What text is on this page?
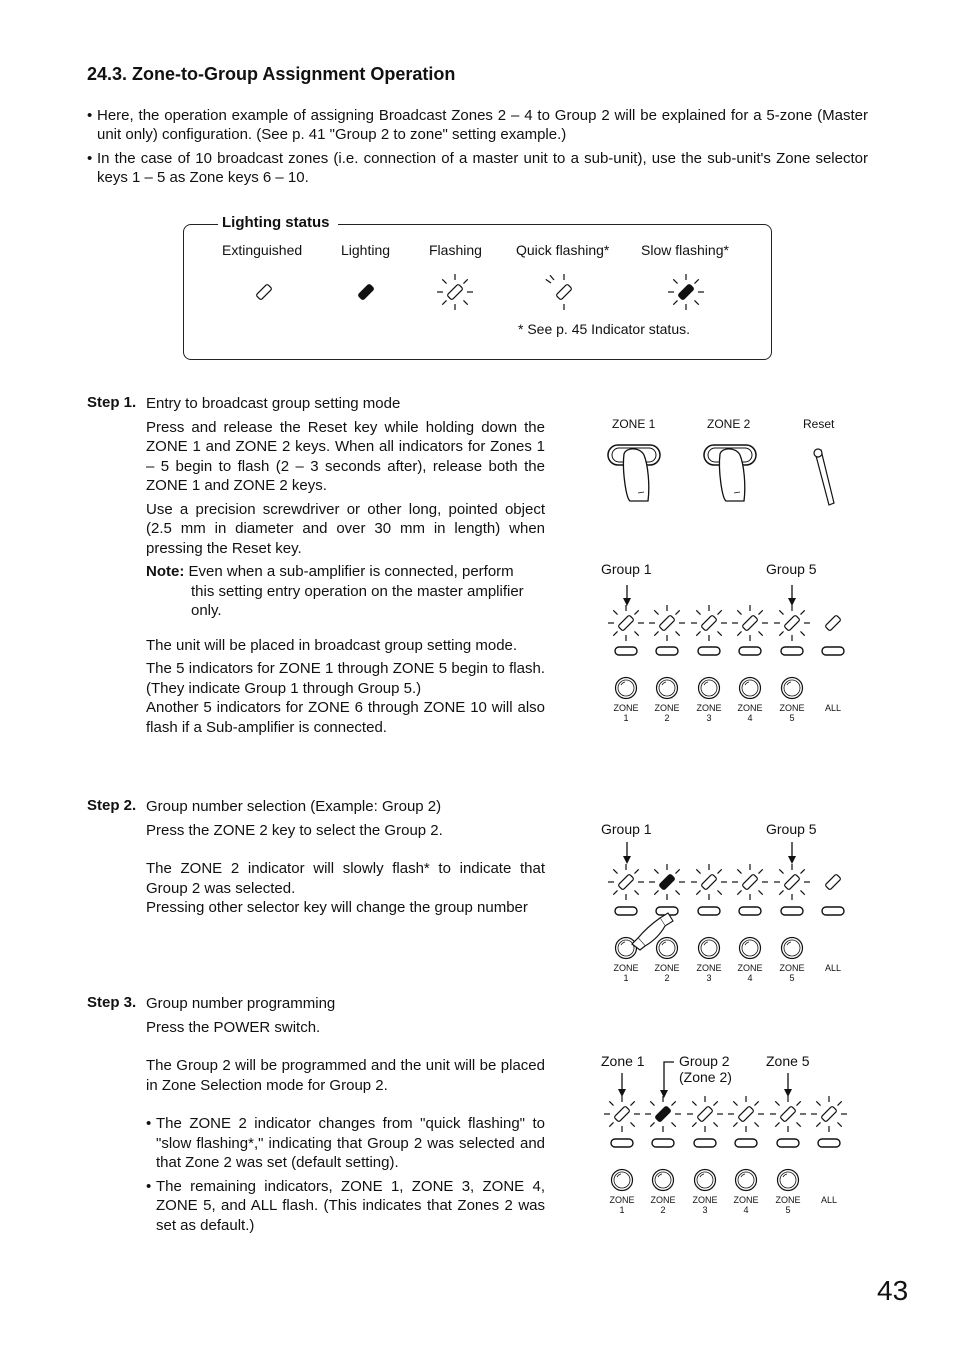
24.3. Zone-to-Group Assignment Operation
• Here, the operation example of assigning Broadcast Zones 2 – 4 to Group 2 will be explained for a 5-zone (Master unit only) configuration. (See p. 41 "Group 2 to zone" setting example.)
• In the case of 10 broadcast zones (i.e. connection of a master unit to a sub-unit), use the sub-unit's Zone selector keys 1 – 5 as Zone keys 6 – 10.
Lighting status
Extinguished	Lighting	Flashing Quick flashing* Slow flashing*
* See p. 45 Indicator status.
Step 1. Entry to broadcast group setting mode

Press and release the Reset key while holding down the ZONE 1 and ZONE 2 keys. When all indicators for Zones 1 – 5 begin to flash (2 – 3 seconds after), release both the ZONE 1 and ZONE 2 keys.

Use a precision screwdriver or other long, pointed object (2.5 mm in diameter and over 30 mm in length) when pressing the Reset key.

Note: Even when a sub-amplifier is connected, perform
this setting entry operation on the master amplifier only.

The unit will be placed in broadcast group setting mode.

The 5 indicators for ZONE 1 through ZONE 5 begin to flash. (They indicate Group 1 through Group 5.)

Another 5 indicators for ZONE 6 through ZONE 10 will also flash if a Sub-amplifier is connected.

Step 2. Group number selection (Example: Group 2)

Press the ZONE 2 key to select the Group 2.

The ZONE 2 indicator will slowly flash* to indicate that Group 2 was selected.

Pressing other selector key will change the group number

Step 3. Group number programming

Press the POWER switch.

The Group 2 will be programmed and the unit will be placed in Zone Selection mode for Group 2.

• The ZONE 2 indicator changes from "quick flashing" to "slow flashing*," indicating that Group 2 was selected and that Zone 2 was set (default setting).

• The remaining indicators, ZONE 1, ZONE 3, ZONE 4, ZONE 5, and ALL flash. (This indicates that Zones 2 was set as default.)

ZONE 1	ZONE 2	Reset
Group 1	Group 5
Group 1	Group 5
Zone 1 Group 2
(Zone 2)
Zone 5
ZONE 1
ZONE 2
ZONE 3
ZONE 4
ZONE 5
ALL
ZONE 1
ZONE 2
ZONE 3
ZONE 4
ZONE 5
ALL
ZONE 1
ZONE 2
ZONE 3
ZONE 4
ZONE 5
ALL
43
